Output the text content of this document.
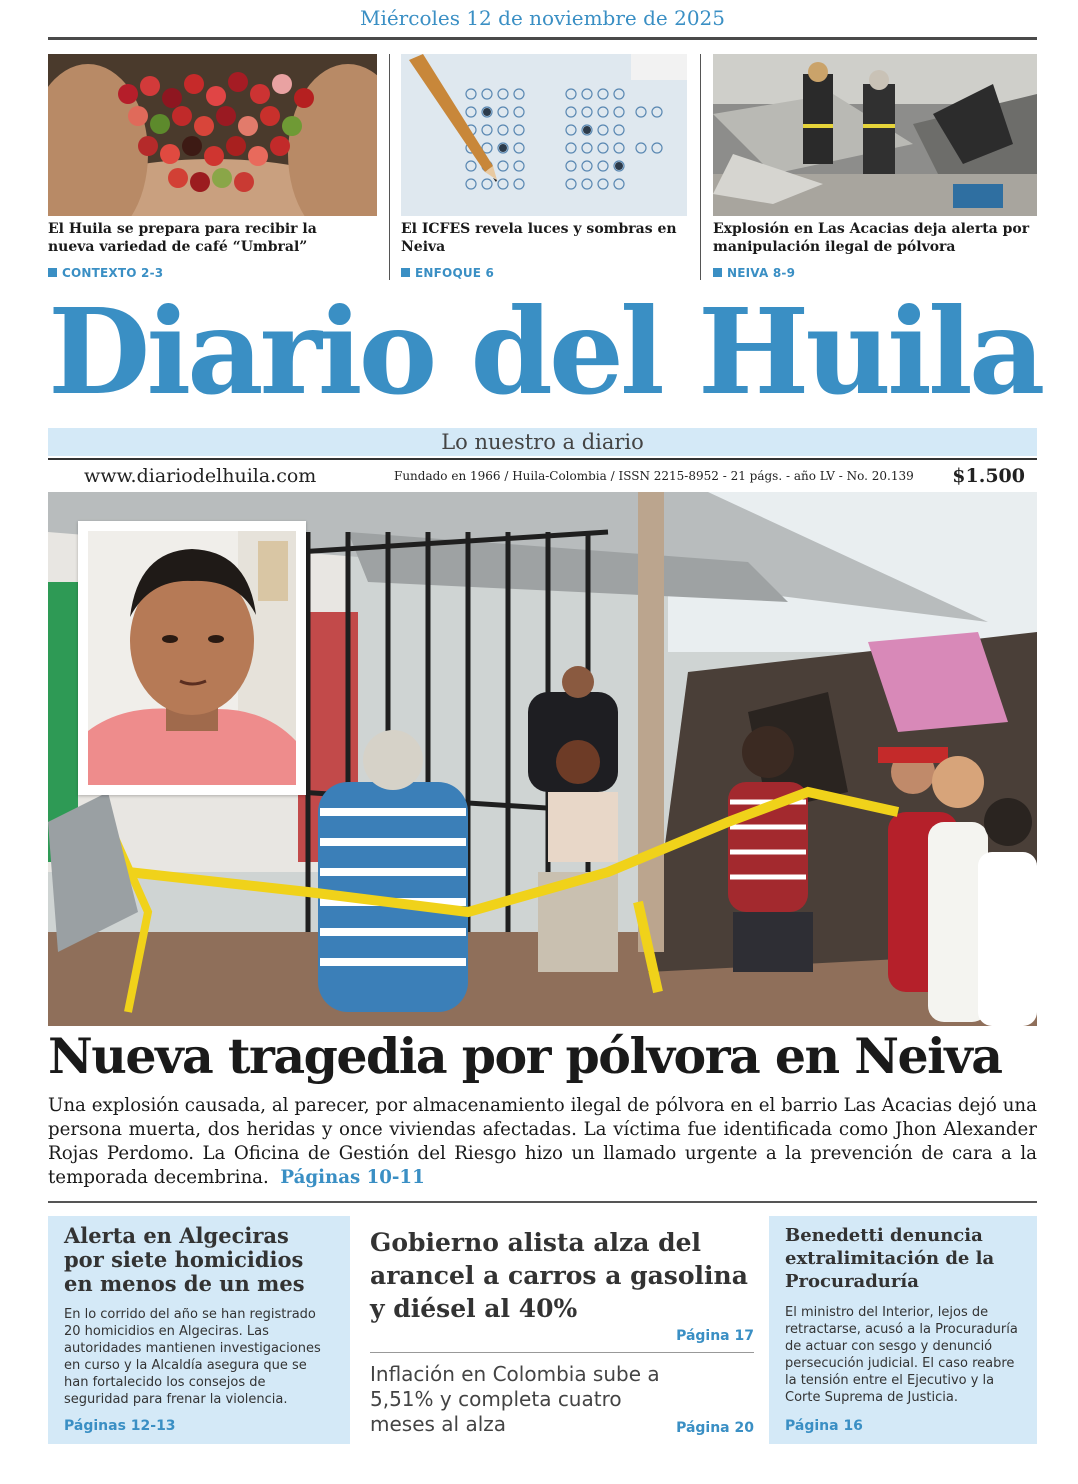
Miércoles 12 de noviembre de 2025
El Huila se prepara para recibir la nueva variedad de café “Umbral”
CONTEXTO 2-3
El ICFES revela luces y sombras en Neiva
ENFOQUE 6
Explosión en Las Acacias deja alerta por manipulación ilegal de pólvora
NEIVA 8-9
Diario del Huila
Lo nuestro a diario
www.diariodelhuila.com	Fundado en 1966 / Huila-Colombia / ISSN 2215-8952 - 21 págs. - año LV - No. 20.139 $1.500
Nueva tragedia por pólvora en Neiva
Una explosión causada, al parecer, por almacenamiento ilegal de pólvora en el barrio Las Acacias dejó una persona muerta, dos heridas y once viviendas afectadas. La víctima fue identificada como Jhon Alexander Rojas Perdomo. La Oficina de Gestión del Riesgo hizo un llamado urgente a la prevención de cara a la temporada decembrina. Páginas 10-11
Alerta en Algeciras por siete homicidios en menos de un mes

En lo corrido del año se han registrado 20 homicidios en Algeciras. Las autoridades mantienen investigaciones en curso y la Alcaldía asegura que se han fortalecido los consejos de seguridad para frenar la violencia.

Páginas 12-13
Gobierno alista alza del arancel a carros a gasolina y diésel al 40%
Página 17
Inflación en Colombia sube a 5,51% y completa cuatro meses al alza	Página 20
Benedetti denuncia extralimitación de la Procuraduría

El ministro del Interior, lejos de retractarse, acusó a la Procuraduría de actuar con sesgo y denunció persecución judicial. El caso reabre la tensión entre el Ejecutivo y la Corte Suprema de Justicia.

Página 16
